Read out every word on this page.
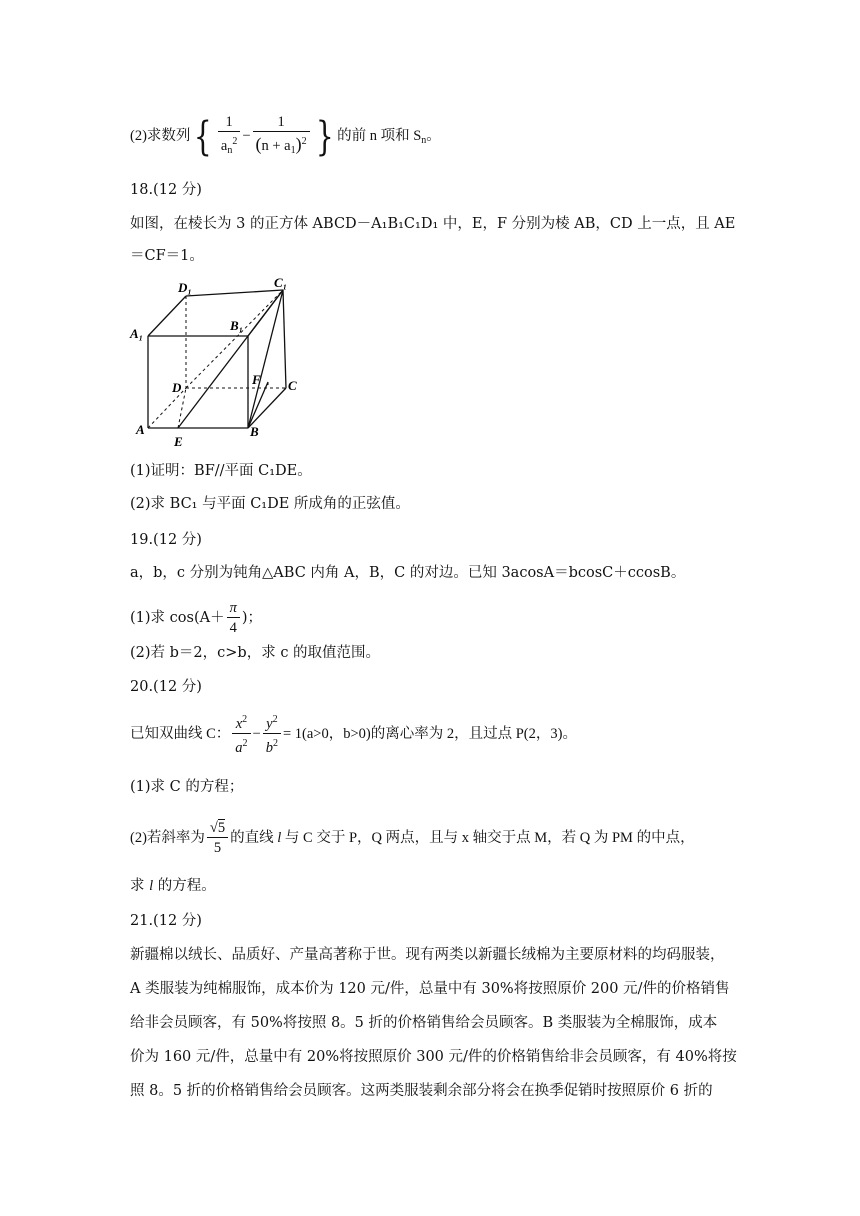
(2)求数列{ $\frac{1}{a_n^2} - \frac{1}{(n + a_1)^2}$ } 的前 n 项和 $S_n$。
18.(12 分)
如图，在棱长为 3 的正方体 ABCD－A₁B₁C₁D₁ 中，E，F 分别为棱 AB，CD 上一点，且 AE
＝CF＝1。
D₁	C₁
A₁
B₁
D
F C
A
E
B
(1)证明：BF//平面 C₁DE。
(2)求 BC₁ 与平面 C₁DE 所成角的正弦值。
19.(12 分)
a，b，c 分别为钝角△ABC 内角 A，B，C 的对边。已知 3acosA＝bcosC＋ccosB。
(1)求 $\cos(A+ \frac{\pi}{4}$ )；
(2)若 b＝2，c>b，求 c 的取值范围。
20.(12 分)
已知双曲线 C： $\frac{x^2}{a^2} - \frac{y^2}{b^2} = 1(a>0$，b>0)的离心率为 2，且过点 P(2，3)。
(1)求 C 的方程；
(2)若斜率为 $\frac{√5}{5}$ 的直线 l 与 C 交于 P，Q 两点，且与 x 轴交于点 M，若 Q 为 PM 的中点，
求 l 的方程。
21.(12 分)
新疆棉以绒长、品质好、产量高著称于世。现有两类以新疆长绒棉为主要原材料的均码服装，
A 类服装为纯棉服饰，成本价为 120 元/件，总量中有 30%将按照原价 200 元/件的价格销售
给非会员顾客，有 50%将按照 8。5 折的价格销售给会员顾客。B 类服装为全棉服饰，成本
价为 160 元/件，总量中有 20%将按照原价 300 元/件的价格销售给非会员顾客，有 40%将按
照 8。5 折的价格销售给会员顾客。这两类服装剩余部分将会在换季促销时按照原价 6 折的
